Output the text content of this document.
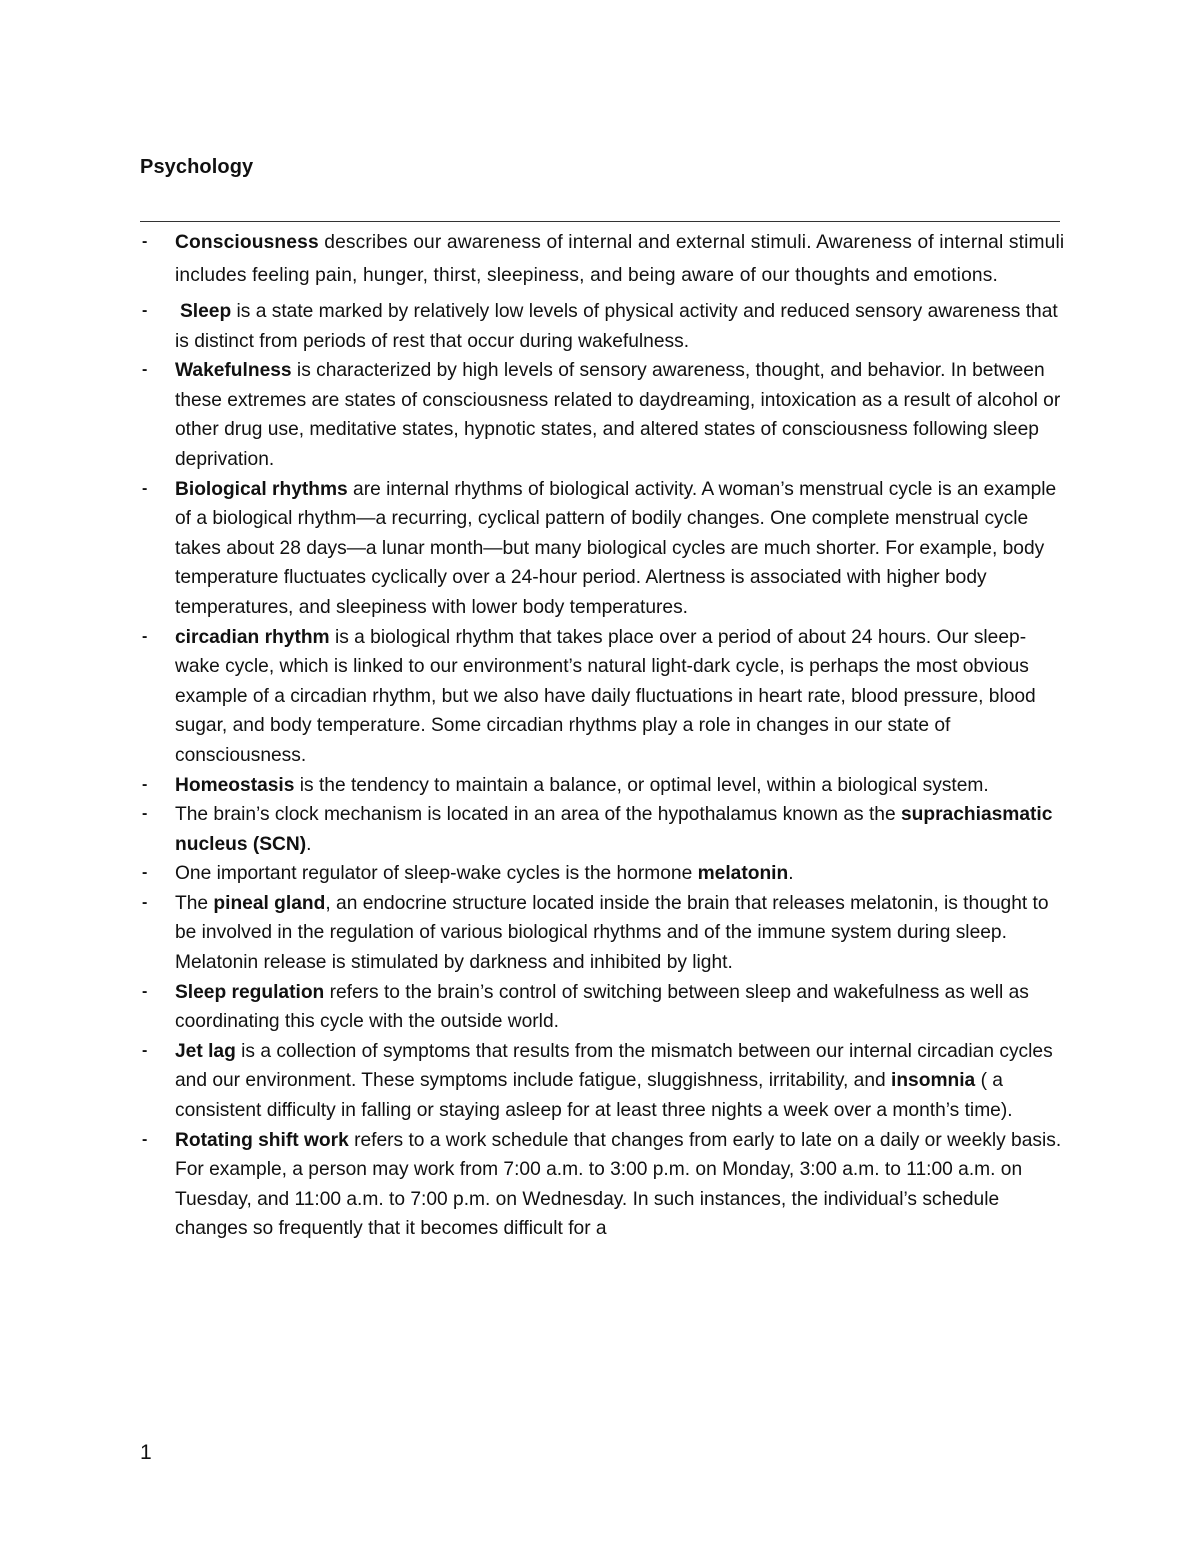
Psychology
- Consciousness describes our awareness of internal and external stimuli. Awareness of internal stimuli includes feeling pain, hunger, thirst, sleepiness, and being aware of our thoughts and emotions.
- Sleep is a state marked by relatively low levels of physical activity and reduced sensory awareness that is distinct from periods of rest that occur during wakefulness.
- Wakefulness is characterized by high levels of sensory awareness, thought, and behavior. In between these extremes are states of consciousness related to daydreaming, intoxication as a result of alcohol or other drug use, meditative states, hypnotic states, and altered states of consciousness following sleep deprivation.
- Biological rhythms are internal rhythms of biological activity. A woman’s menstrual cycle is an example of a biological rhythm—a recurring, cyclical pattern of bodily changes. One complete menstrual cycle takes about 28 days—a lunar month—but many biological cycles are much shorter. For example, body temperature fluctuates cyclically over a 24-hour period. Alertness is associated with higher body temperatures, and sleepiness with lower body temperatures.
- circadian rhythm is a biological rhythm that takes place over a period of about 24 hours. Our sleep-wake cycle, which is linked to our environment’s natural light-dark cycle, is perhaps the most obvious example of a circadian rhythm, but we also have daily fluctuations in heart rate, blood pressure, blood sugar, and body temperature. Some circadian rhythms play a role in changes in our state of consciousness.
- Homeostasis is the tendency to maintain a balance, or optimal level, within a biological system.
- The brain’s clock mechanism is located in an area of the hypothalamus known as the suprachiasmatic nucleus (SCN).
- One important regulator of sleep-wake cycles is the hormone melatonin.
- The pineal gland, an endocrine structure located inside the brain that releases melatonin, is thought to be involved in the regulation of various biological rhythms and of the immune system during sleep. Melatonin release is stimulated by darkness and inhibited by light.
- Sleep regulation refers to the brain’s control of switching between sleep and wakefulness as well as coordinating this cycle with the outside world.
- Jet lag is a collection of symptoms that results from the mismatch between our internal circadian cycles and our environment. These symptoms include fatigue, sluggishness, irritability, and insomnia ( a consistent difficulty in falling or staying asleep for at least three nights a week over a month’s time).
- Rotating shift work refers to a work schedule that changes from early to late on a daily or weekly basis. For example, a person may work from 7:00 a.m. to 3:00 p.m. on Monday, 3:00 a.m. to 11:00 a.m. on Tuesday, and 11:00 a.m. to 7:00 p.m. on Wednesday. In such instances, the individual’s schedule changes so frequently that it becomes difficult for a
1
